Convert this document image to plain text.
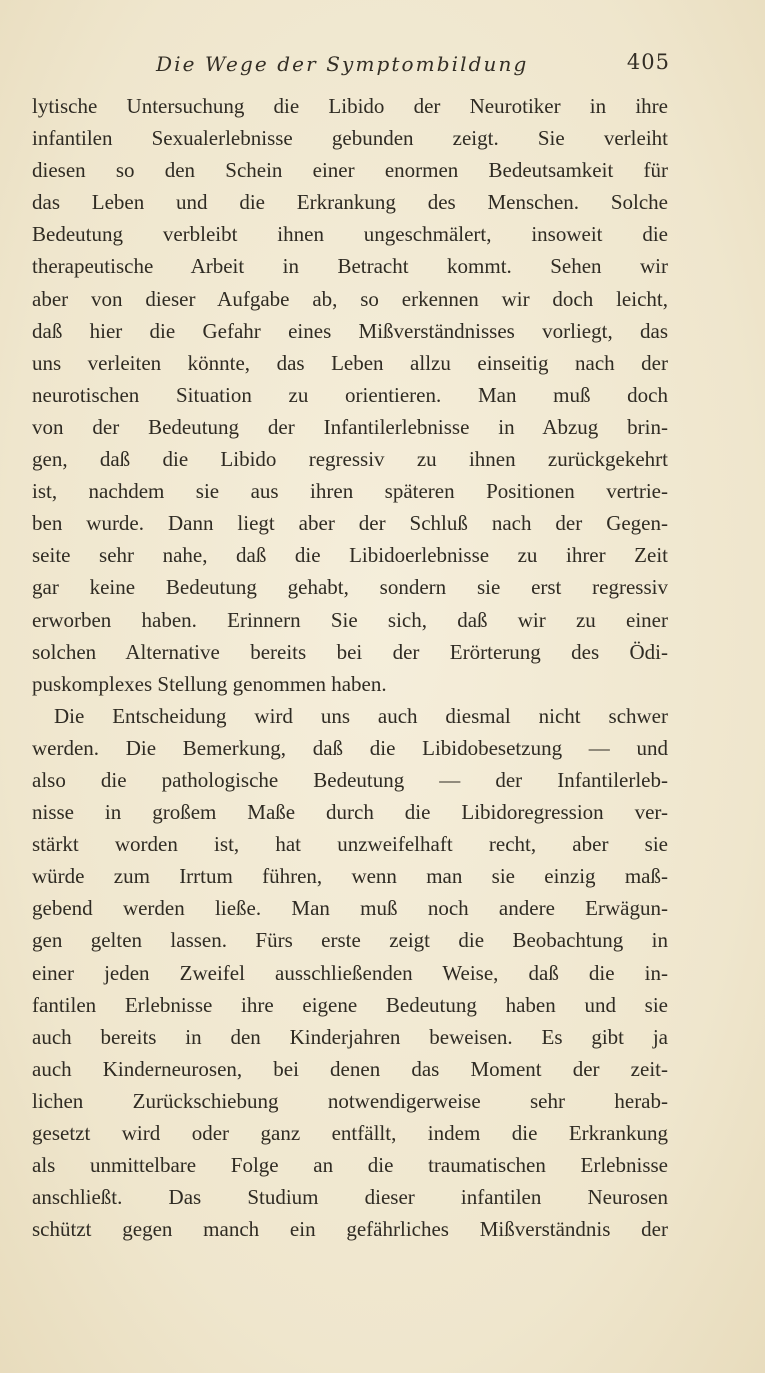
Die Wege der Symptombildung	405
lytische Untersuchung die Libido der Neurotiker in ihre
infantilen Sexualerlebnisse gebunden zeigt. Sie verleiht
diesen so den Schein einer enormen Bedeutsamkeit für
das Leben und die Erkrankung des Menschen. Solche
Bedeutung verbleibt ihnen ungeschmälert, insoweit die
therapeutische Arbeit in Betracht kommt. Sehen wir
aber von dieser Aufgabe ab, so erkennen wir doch leicht,
daß hier die Gefahr eines Mißverständnisses vorliegt, das
uns verleiten könnte, das Leben allzu einseitig nach der
neurotischen Situation zu orientieren. Man muß doch
von der Bedeutung der Infantilerlebnisse in Abzug brin-
gen, daß die Libido regressiv zu ihnen zurückgekehrt
ist, nachdem sie aus ihren späteren Positionen vertrie-
ben wurde. Dann liegt aber der Schluß nach der Gegen-
seite sehr nahe, daß die Libidoerlebnisse zu ihrer Zeit
gar keine Bedeutung gehabt, sondern sie erst regressiv
erworben haben. Erinnern Sie sich, daß wir zu einer
solchen Alternative bereits bei der Erörterung des Ödi-
puskomplexes Stellung genommen haben.
Die Entscheidung wird uns auch diesmal nicht schwer
werden. Die Bemerkung, daß die Libidobesetzung — und
also die pathologische Bedeutung — der Infantilerleb-
nisse in großem Maße durch die Libidoregression ver-
stärkt worden ist, hat unzweifelhaft recht, aber sie
würde zum Irrtum führen, wenn man sie einzig maß-
gebend werden ließe. Man muß noch andere Erwägun-
gen gelten lassen. Fürs erste zeigt die Beobachtung in
einer jeden Zweifel ausschließenden Weise, daß die in-
fantilen Erlebnisse ihre eigene Bedeutung haben und sie
auch bereits in den Kinderjahren beweisen. Es gibt ja
auch Kinderneurosen, bei denen das Moment der zeit-
lichen Zurückschiebung notwendigerweise sehr herab-
gesetzt wird oder ganz entfällt, indem die Erkrankung
als unmittelbare Folge an die traumatischen Erlebnisse
anschließt. Das Studium dieser infantilen Neurosen
schützt gegen manch ein gefährliches Mißverständnis der
